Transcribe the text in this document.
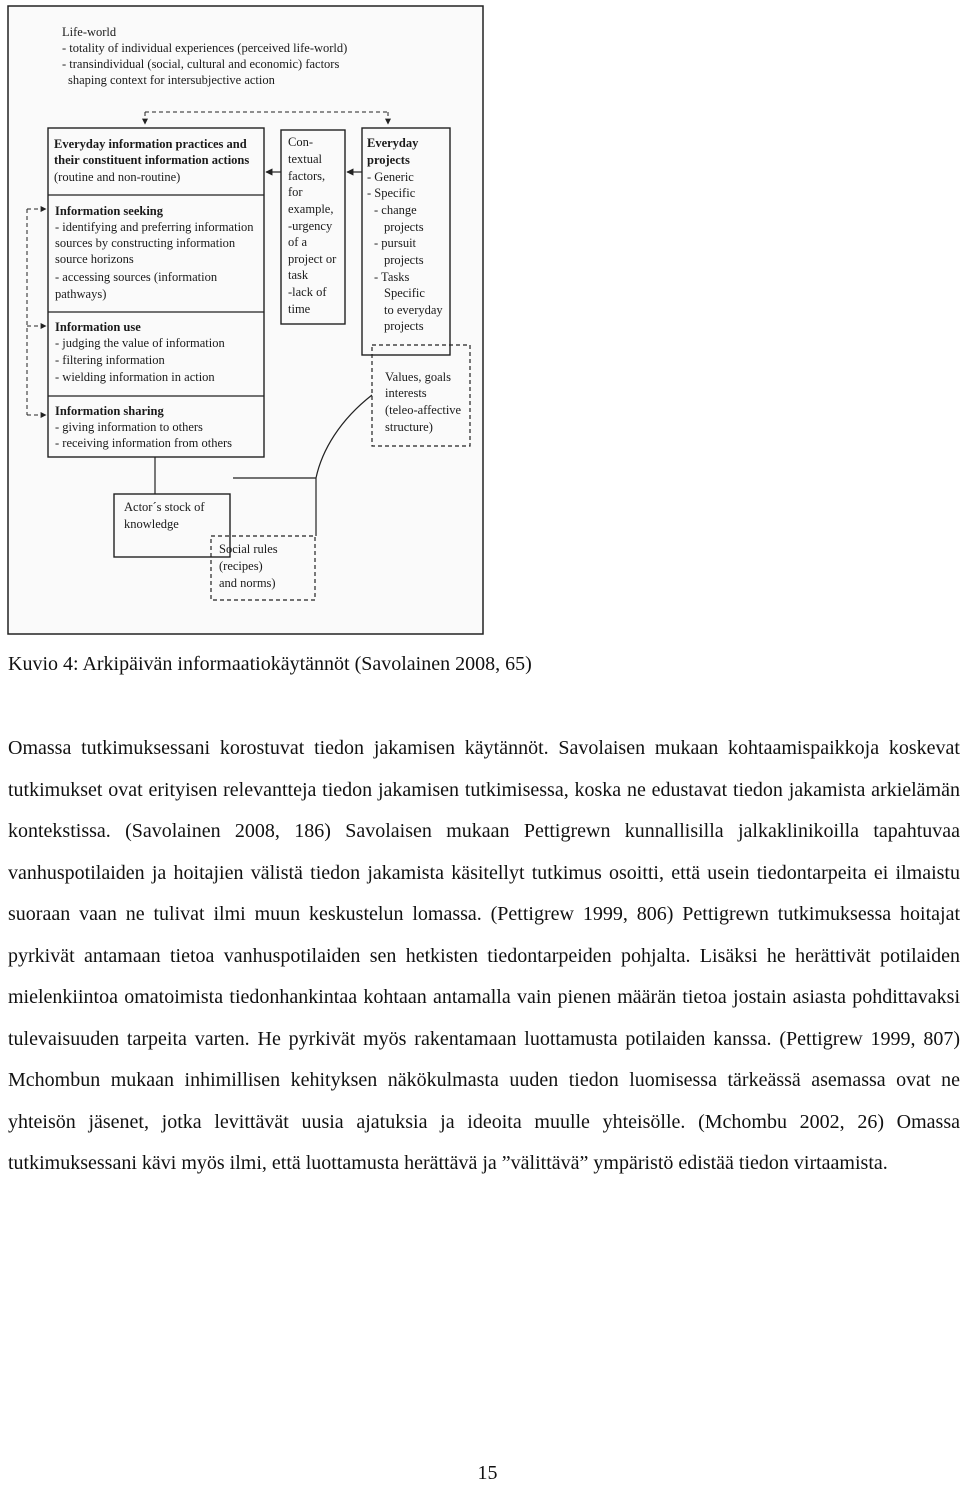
Life-world
- totality of individual experiences (perceived life-world)
- transindividual (social, cultural and economic) factors
shaping context for intersubjective action
Everyday information practices and
their constituent information actions
(routine and non-routine)
Information seeking
- identifying and preferring information
sources by constructing information
source horizons
- accessing sources (information
pathways)
Information use
- judging the value of information
- filtering information
- wielding information in action
Information sharing
- giving information to others
- receiving information from others
Con-
textual
factors,
for
example,
-urgency
of a
project or
task
-lack of
time
Everyday
projects
- Generic
- Specific
- change
projects
- pursuit
projects
- Tasks
Specific
to everyday
projects
Values, goals
interests
(teleo-affective
structure)
Actor´s stock of
knowledge
Social rules
(recipes)
and norms)
Kuvio 4: Arkipäivän informaatiokäytännöt (Savolainen 2008, 65)

Omassa tutkimuksessani korostuvat tiedon jakamisen käytännöt. Savolaisen mukaan kohtaamispaikkoja koskevat tutkimukset ovat erityisen relevantteja tiedon jakamisen tutkimisessa, koska ne edustavat tiedon jakamista arkielämän kontekstissa. (Savolainen 2008, 186) Savolaisen mukaan Pettigrewn kunnallisilla jalkaklinikoilla tapahtuvaa vanhuspotilaiden ja hoitajien välistä tiedon jakamista käsitellyt tutkimus osoitti, että usein tiedontarpeita ei ilmaistu suoraan vaan ne tulivat ilmi muun keskustelun lomassa. (Pettigrew 1999, 806) Pettigrewn tutkimuksessa hoitajat pyrkivät antamaan tietoa vanhuspotilaiden sen hetkisten tiedontarpeiden pohjalta. Lisäksi he herättivät potilaiden mielenkiintoa omatoimista tiedonhankintaa kohtaan antamalla vain pienen määrän tietoa jostain asiasta pohdittavaksi tulevaisuuden tarpeita varten. He pyrkivät myös rakentamaan luottamusta potilaiden kanssa. (Pettigrew 1999, 807) Mchombun mukaan inhimillisen kehityksen näkökulmasta uuden tiedon luomisessa tärkeässä asemassa ovat ne yhteisön jäsenet, jotka levittävät uusia ajatuksia ja ideoita muulle yhteisölle. (Mchombu 2002, 26) Omassa tutkimuksessani kävi myös ilmi, että luottamusta herättävä ja ”välittävä” ympäristö edistää tiedon virtaamista.

15
